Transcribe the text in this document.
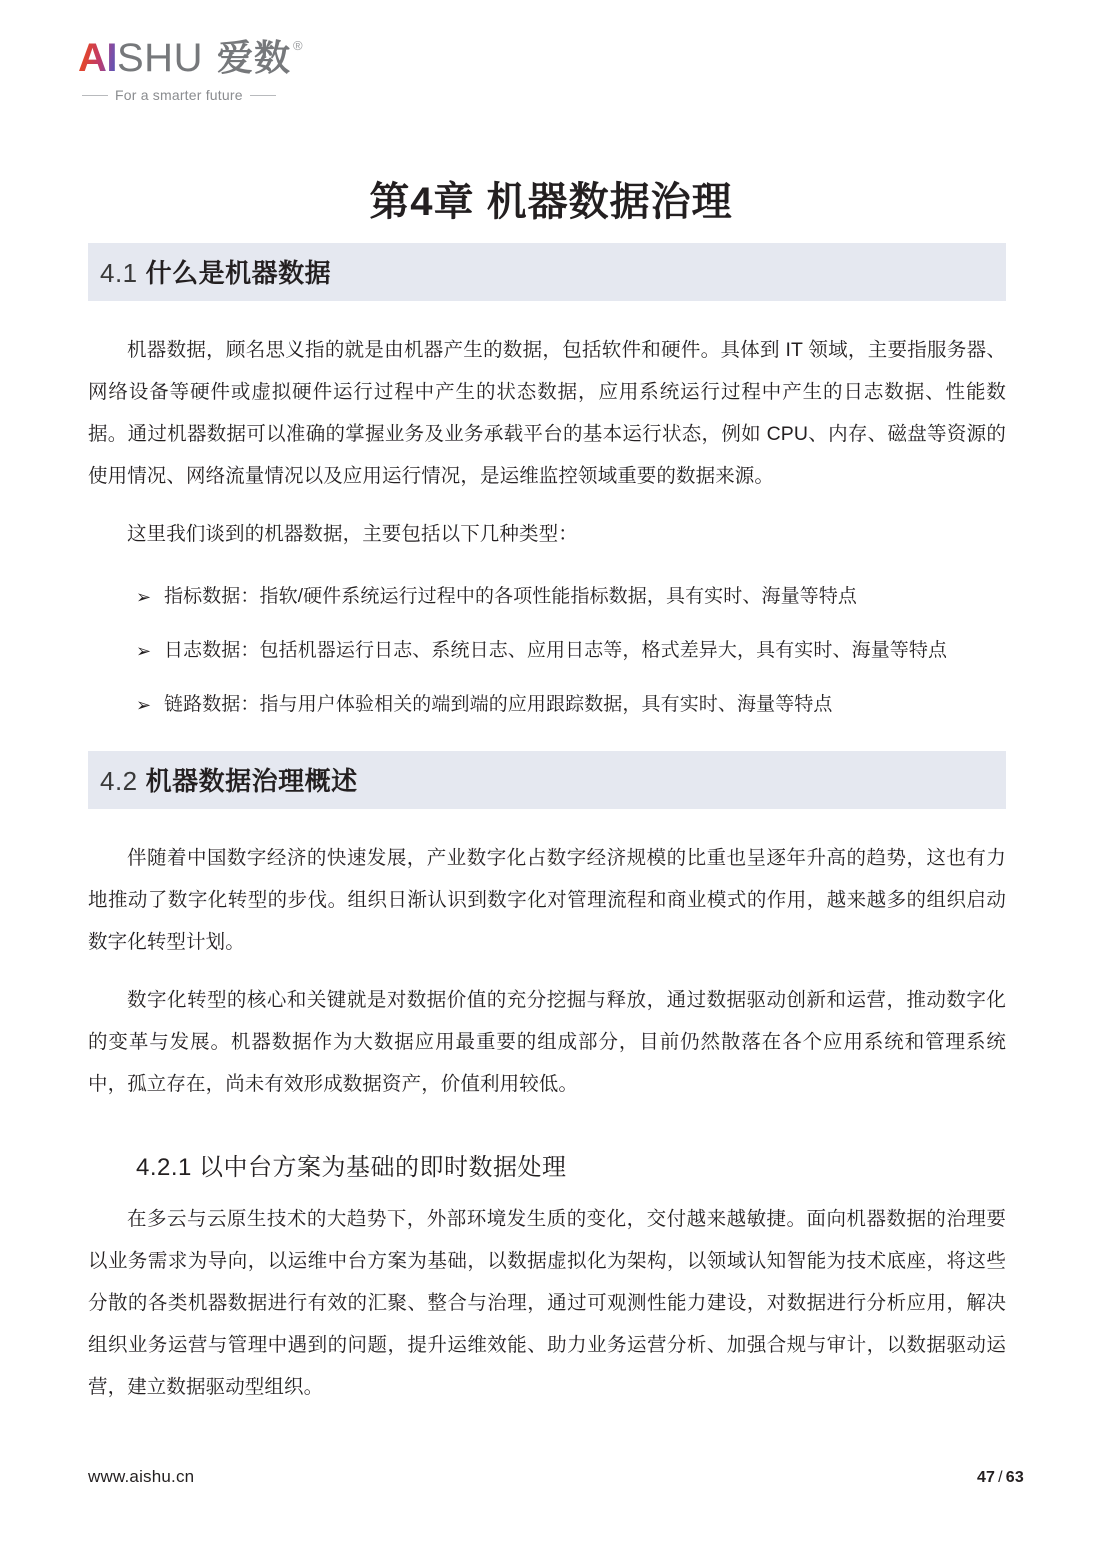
AI SHU 爱数 ®
For a smarter future
第4章 机器数据治理
4.1 什么是机器数据

机器数据，顾名思义指的就是由机器产生的数据，包括软件和硬件。具体到 IT 领域，主要指服务器、网络设备等硬件或虚拟硬件运行过程中产生的状态数据，应用系统运行过程中产生的日志数据、性能数据。通过机器数据可以准确的掌握业务及业务承载平台的基本运行状态，例如 CPU、内存、磁盘等资源的使用情况、网络流量情况以及应用运行情况，是运维监控领域重要的数据来源。

这里我们谈到的机器数据，主要包括以下几种类型：

➢ 指标数据：指软/硬件系统运行过程中的各项性能指标数据，具有实时、海量等特点
➢ 日志数据：包括机器运行日志、系统日志、应用日志等，格式差异大，具有实时、海量等特点
➢ 链路数据：指与用户体验相关的端到端的应用跟踪数据，具有实时、海量等特点
4.2 机器数据治理概述

伴随着中国数字经济的快速发展，产业数字化占数字经济规模的比重也呈逐年升高的趋势，这也有力地推动了数字化转型的步伐。组织日渐认识到数字化对管理流程和商业模式的作用，越来越多的组织启动数字化转型计划。

数字化转型的核心和关键就是对数据价值的充分挖掘与释放，通过数据驱动创新和运营，推动数字化的变革与发展。机器数据作为大数据应用最重要的组成部分，目前仍然散落在各个应用系统和管理系统中，孤立存在，尚未有效形成数据资产，价值利用较低。

4.2.1 以中台方案为基础的即时数据处理

在多云与云原生技术的大趋势下，外部环境发生质的变化，交付越来越敏捷。面向机器数据的治理要以业务需求为导向，以运维中台方案为基础，以数据虚拟化为架构，以领域认知智能为技术底座，将这些分散的各类机器数据进行有效的汇聚、整合与治理，通过可观测性能力建设，对数据进行分析应用，解决组织业务运营与管理中遇到的问题，提升运维效能、助力业务运营分析、加强合规与审计，以数据驱动运营，建立数据驱动型组织。

www.aishu.cn	47 / 63
